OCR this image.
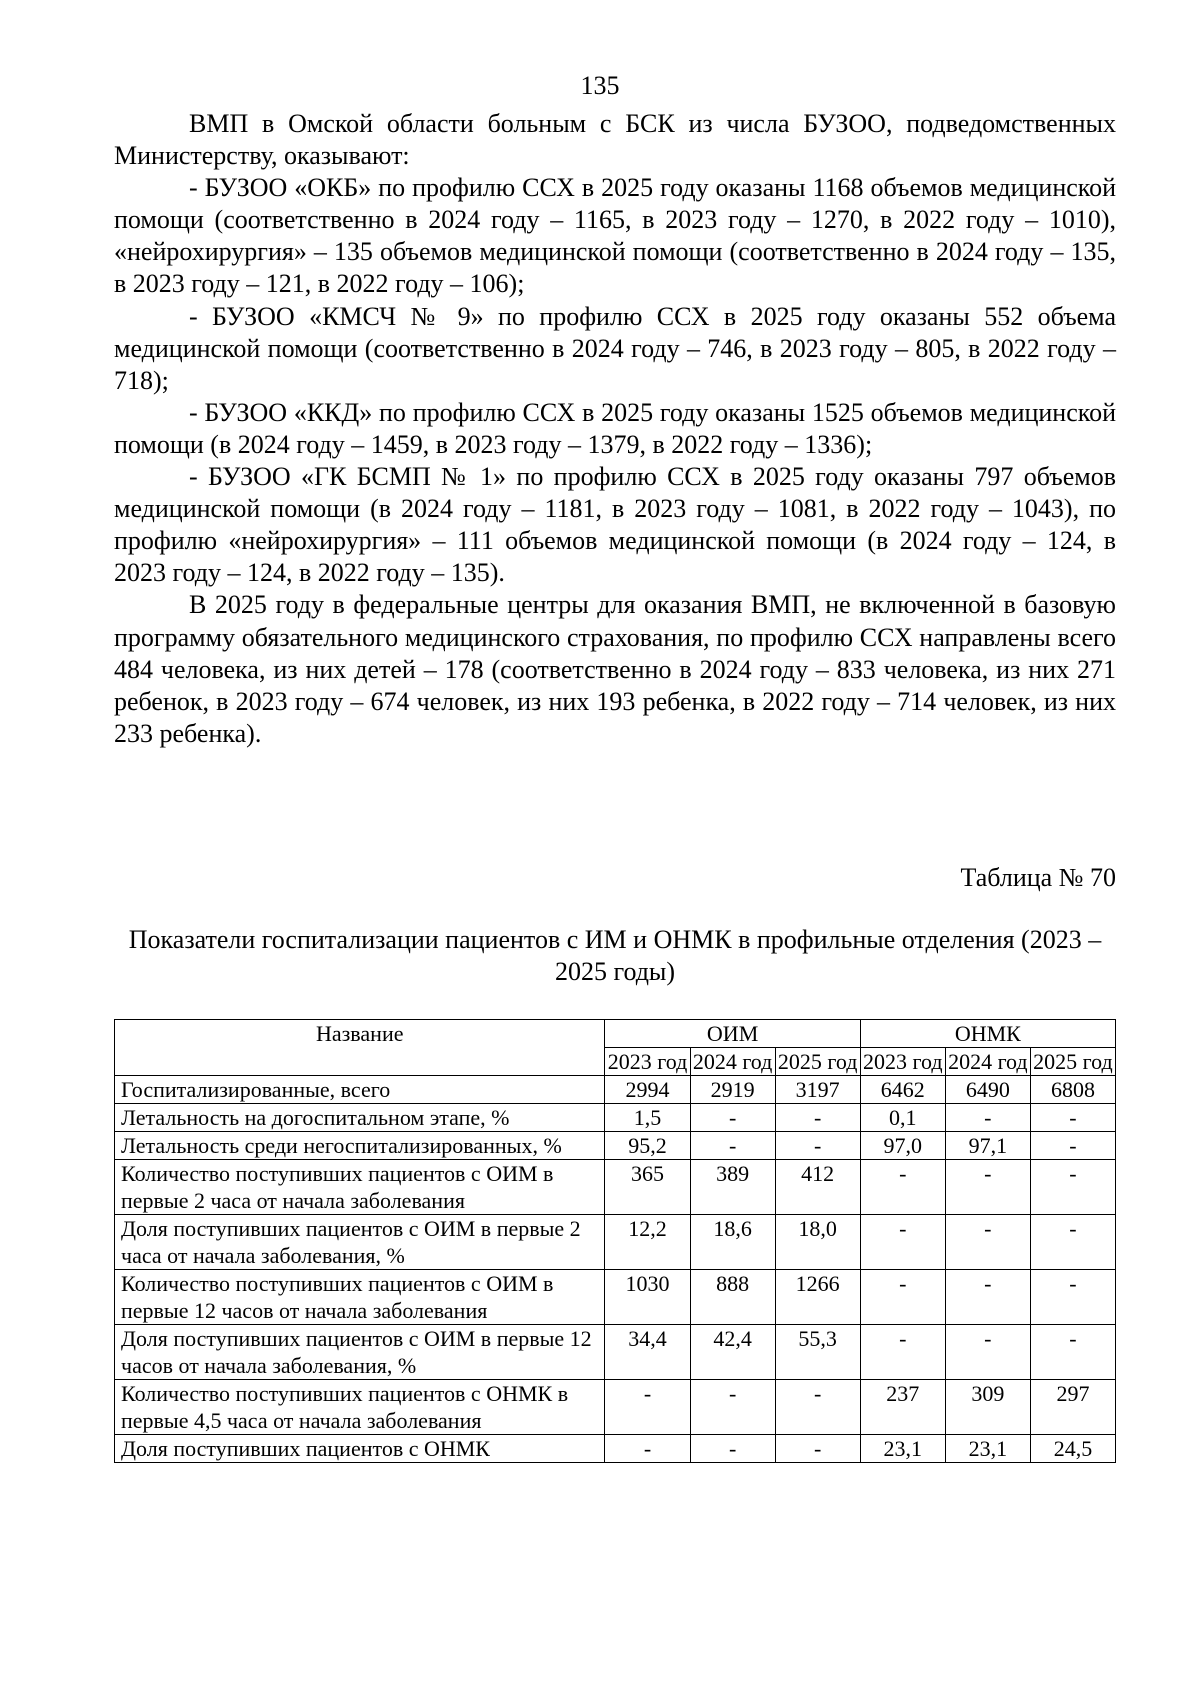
135

ВМП в Омской области больным с БСК из числа БУЗОО, подведомственных Министерству, оказывают:

- БУЗОО «ОКБ» по профилю ССХ в 2025 году оказаны 1168 объемов медицинской помощи (соответственно в 2024 году – 1165, в 2023 году – 1270, в 2022 году – 1010), «нейрохирургия» – 135 объемов медицинской помощи (соответственно в 2024 году – 135, в 2023 году – 121, в 2022 году – 106);

- БУЗОО «КМСЧ № 9» по профилю ССХ в 2025 году оказаны 552 объема медицинской помощи (соответственно в 2024 году – 746, в 2023 году – 805, в 2022 году – 718);

- БУЗОО «ККД» по профилю ССХ в 2025 году оказаны 1525 объемов медицинской помощи (в 2024 году – 1459, в 2023 году – 1379, в 2022 году – 1336);

- БУЗОО «ГК БСМП № 1» по профилю ССХ в 2025 году оказаны 797 объемов медицинской помощи (в 2024 году – 1181, в 2023 году – 1081, в 2022 году – 1043), по профилю «нейрохирургия» – 111 объемов медицинской помощи (в 2024 году – 124, в 2023 году – 124, в 2022 году – 135).

В 2025 году в федеральные центры для оказания ВМП, не включенной в базовую программу обязательного медицинского страхования, по профилю ССХ направлены всего 484 человека, из них детей – 178 (соответственно в 2024 году – 833 человека, из них 271 ребенок, в 2023 году – 674 человек, из них 193 ребенка, в 2022 году – 714 человек, из них 233 ребенка).

Таблица № 70
Показатели госпитализации пациентов с ИМ и ОНМК в профильные отделения (2023 – 2025 годы)
Название	ОИМ			ОНМК		
	2023 год	2024 год	2025 год	2023 год	2024 год	2025 год
Госпитализированные, всего	2994	2919	3197	6462	6490	6808
Летальность на догоспитальном этапе, %	1,5	-	-	0,1	-	-
Летальность среди негоспитализированных, %	95,2	-	-	97,0	97,1	-
Количество поступивших пациентов с ОИМ в первые 2 часа от начала заболевания	365	389	412	-	-	-
Доля поступивших пациентов с ОИМ в первые 2 часа от начала заболевания, %	12,2	18,6	18,0	-	-	-
Количество поступивших пациентов с ОИМ в первые 12 часов от начала заболевания	1030	888	1266	-	-	-
Доля поступивших пациентов с ОИМ в первые 12 часов от начала заболевания, %	34,4	42,4	55,3	-	-	-
Количество поступивших пациентов с ОНМК в первые 4,5 часа от начала заболевания	-	-	-	237	309	297
Доля поступивших пациентов с ОНМК	-	-	-	23,1	23,1	24,5
